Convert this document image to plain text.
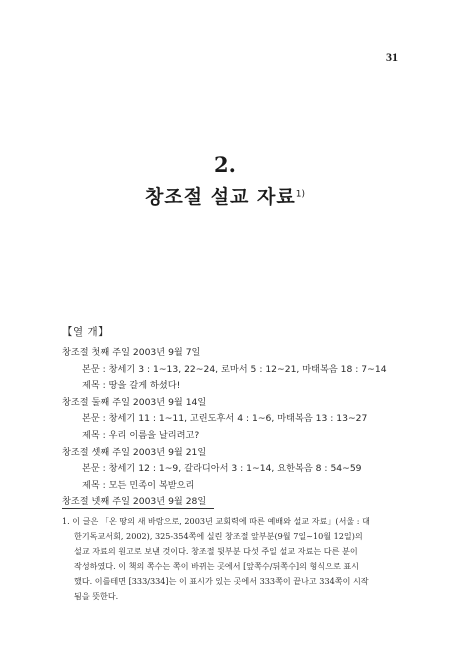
31
2.
창조절 설교 자료$^{1)}$
【열 개】
창조절 첫째 주일 2003년 9월 7일
본문 : 창세기 3 : 1~13, 22~24, 로마서 5 : 12~21, 마태복음 18 : 7~14
제목 : 땅을 갈게 하셨다!
창조절 둘째 주일 2003년 9월 14일
본문 : 창세기 11 : 1~11, 고린도후서 4 : 1~6, 마태복음 13 : 13~27
제목 : 우리 이름을 날리려고?
창조절 셋째 주일 2003년 9월 21일
본문 : 창세기 12 : 1~9, 갈라디아서 3 : 1~14, 요한복음 8 : 54~59
제목 : 모든 민족이 복받으리
창조절 넷째 주일 2003년 9월 28일
1. 이 글은 「온 땅의 새 바람으로, 2003년 교회력에 따른 예배와 설교 자료」(서울 : 대
한기독교서회, 2002), 325-354쪽에 실린 창조절 앞부분(9월 7일~10월 12일)의
설교 자료의 원고로 보낸 것이다. 창조절 뒷부분 다섯 주일 설교 자료는 다른 분이
작성하였다. 이 책의 쪽수는 쪽이 바뀌는 곳에서 [앞쪽수/뒤쪽수]의 형식으로 표시
했다. 이를테면 [333/334]는 이 표시가 있는 곳에서 333쪽이 끝나고 334쪽이 시작
됨을 뜻한다.
